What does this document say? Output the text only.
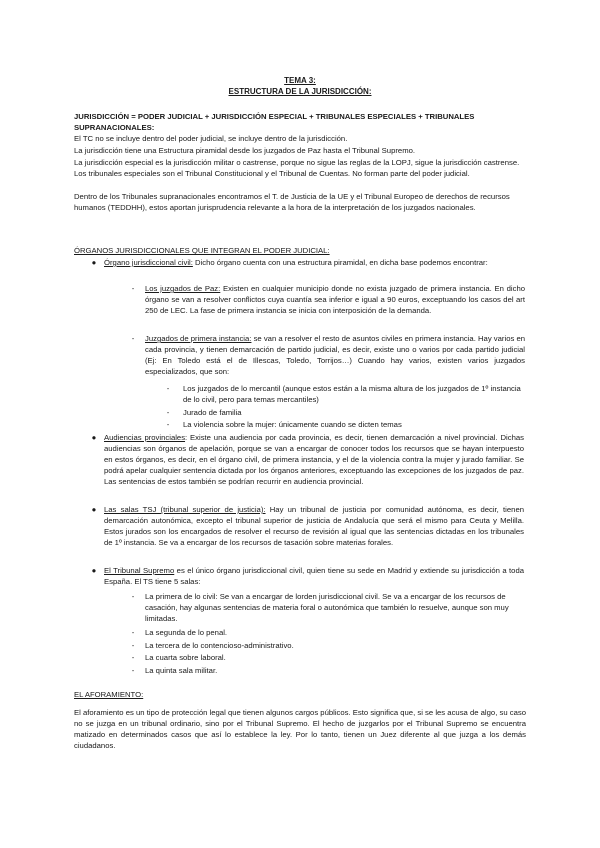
TEMA 3:
ESTRUCTURA DE LA JURISDICCIÓN:
JURISDICCIÓN = PODER JUDICIAL + JURISDICCIÓN ESPECIAL + TRIBUNALES ESPECIALES + TRIBUNALES SUPRANACIONALES:
El TC no se incluye dentro del poder judicial, se incluye dentro de la jurisdicción.
La jurisdicción tiene una Estructura piramidal desde los juzgados de Paz hasta el Tribunal Supremo.
La jurisdicción especial es la jurisdicción militar o castrense, porque no sigue las reglas de la LOPJ, sigue la jurisdicción castrense. Los tribunales especiales son el Tribunal Constitucional y el Tribunal de Cuentas. No forman parte del poder judicial.
Dentro de los Tribunales supranacionales encontramos el T. de Justicia de la UE y el Tribunal Europeo de derechos de recursos humanos (TEDDHH), estos aportan jurisprudencia relevante a la hora de la interpretación de los juzgados nacionales.
ÓRGANOS JURISDICCIONALES QUE INTEGRAN EL PODER JUDICIAL:
● Órgano jurisdiccional civil: Dicho órgano cuenta con una estructura piramidal, en dicha base podemos encontrar:
-	Los juzgados de Paz: Existen en cualquier municipio donde no exista juzgado de primera instancia. En dicho órgano se van a resolver conflictos cuya cuantía sea inferior e igual a 90 euros, exceptuando los casos del art 250 de LEC. La fase de primera instancia se inicia con interposición de la demanda.
-	Juzgados de primera instancia: se van a resolver el resto de asuntos civiles en primera instancia. Hay varios en cada provincia, y tienen demarcación de partido judicial, es decir, existe uno o varios por cada partido judicial (Ej: En Toledo está el de Illescas, Toledo, Torrijos…) Cuando hay varios, existen varios juzgados especializados, que son:
-	Los juzgados de lo mercantil (aunque estos están a la misma altura de los juzgados de 1º instancia de lo civil, pero para temas mercantiles)
-	Jurado de familia
-	La violencia sobre la mujer: únicamente cuando se dicten temas
● Audiencias provinciales: Existe una audiencia por cada provincia, es decir, tienen demarcación a nivel provincial. Dichas audiencias son órganos de apelación, porque se van a encargar de conocer todos los recursos que se hayan interpuesto en estos órganos, es decir, en el órgano civil, de primera instancia, y el de la violencia contra la mujer y jurado familiar. Se podrá apelar cualquier sentencia dictada por los órganos anteriores, exceptuando las excepciones de los juzgados de paz. Las sentencias de estos también se podrían recurrir en audiencia provincial.
● Las salas TSJ (tribunal superior de justicia): Hay un tribunal de justicia por comunidad autónoma, es decir, tienen demarcación autonómica, excepto el tribunal superior de justicia de Andalucía que será el mismo para Ceuta y Melilla. Estos jurados son los encargados de resolver el recurso de revisión al igual que las sentencias dictadas en los tribunales de 1º instancia. Se va a encargar de los recursos de tasación sobre materias forales.
● El Tribunal Supremo es el único órgano jurisdiccional civil, quien tiene su sede en Madrid y extiende su jurisdicción a toda España. El TS tiene 5 salas:
-	La primera de lo civil: Se van a encargar de lorden jurisdiccional civil. Se va a encargar de los recursos de casación, hay algunas sentencias de materia foral o autonómica que también lo resuelve, aunque son muy limitadas.
-	La segunda de lo penal.
-	La tercera de lo contencioso-administrativo.
-	La cuarta sobre laboral.
-	La quinta sala militar.
EL AFORAMIENTO:
El aforamiento es un tipo de protección legal que tienen algunos cargos públicos. Esto significa que, si se les acusa de algo, su caso no se juzga en un tribunal ordinario, sino por el Tribunal Supremo. El hecho de juzgarlos por el Tribunal Supremo se encuentra matizado en determinados casos que así lo establece la ley. Por lo tanto, tienen un Juez diferente al que juzga a los demás ciudadanos.
